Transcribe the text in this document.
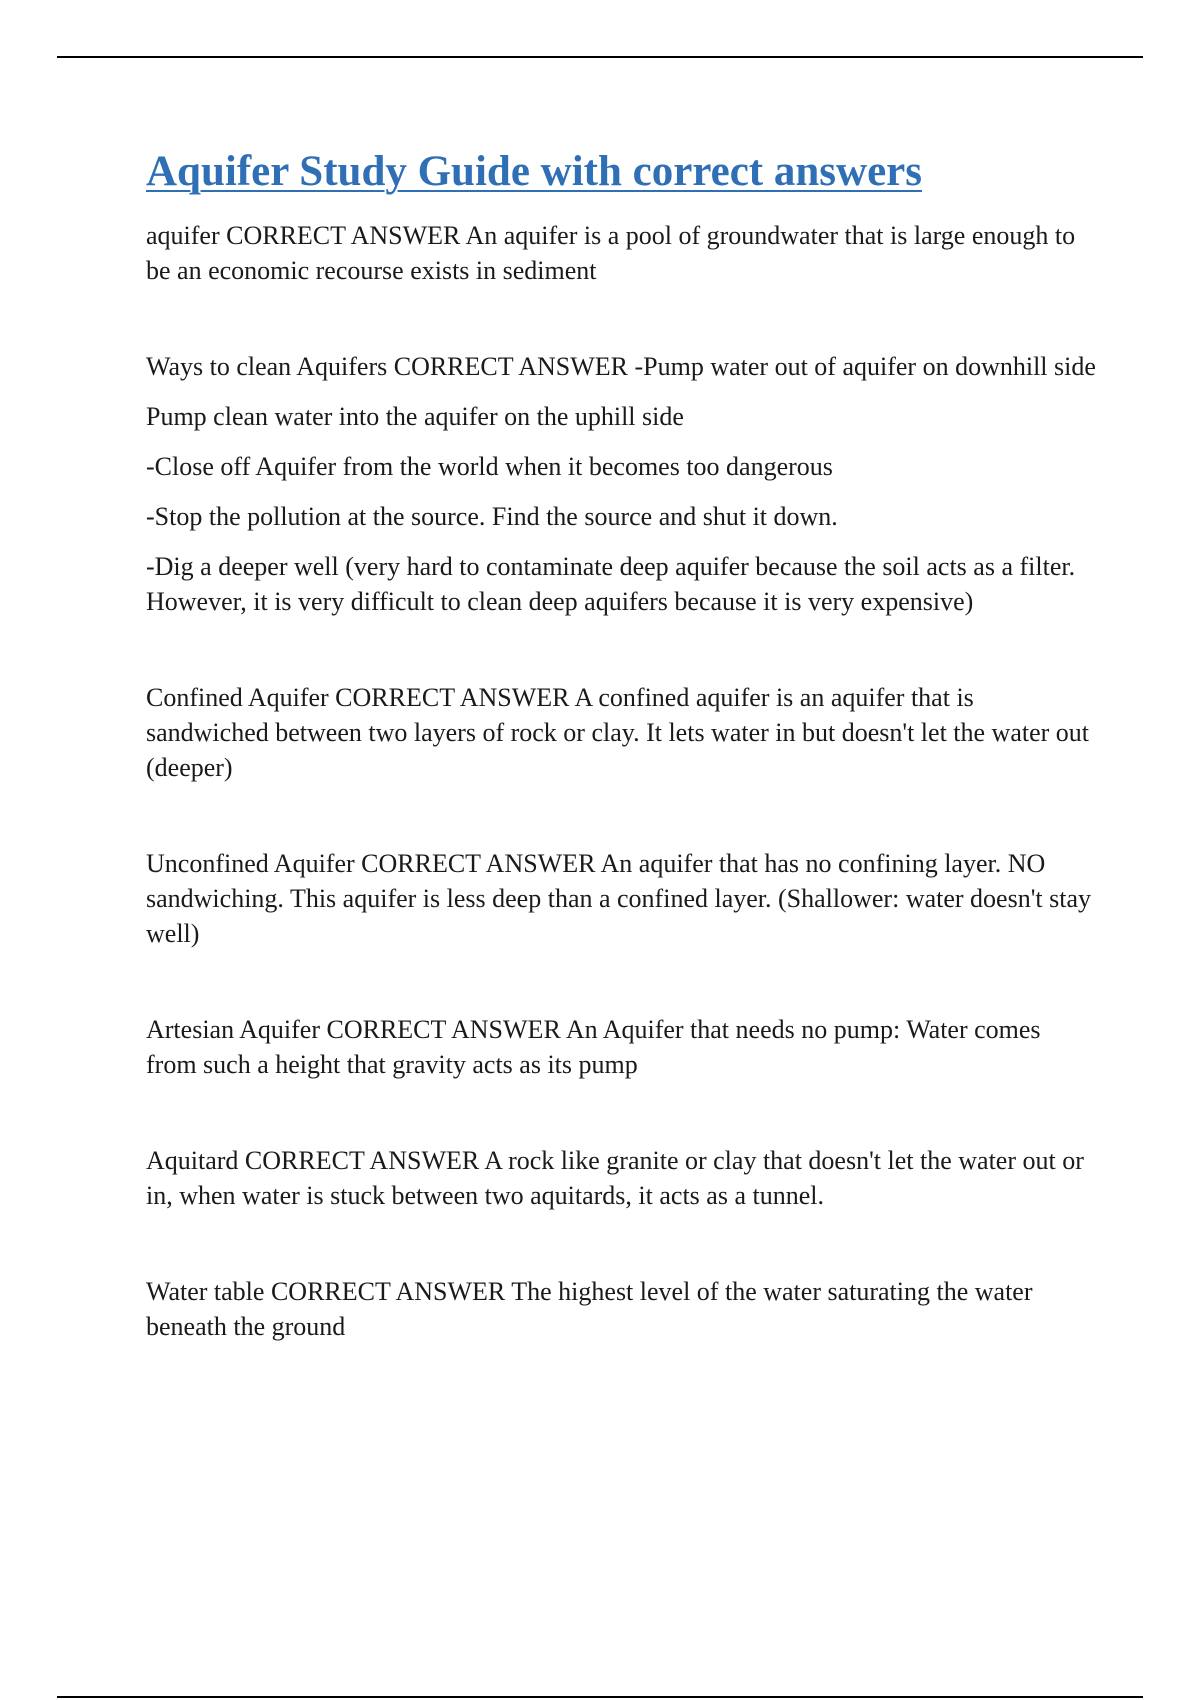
Aquifer Study Guide with correct answers

aquifer CORRECT ANSWER An aquifer is a pool of groundwater that is large enough to be an economic recourse exists in sediment

Ways to clean Aquifers CORRECT ANSWER -Pump water out of aquifer on downhill side

Pump clean water into the aquifer on the uphill side

-Close off Aquifer from the world when it becomes too dangerous

-Stop the pollution at the source. Find the source and shut it down.

-Dig a deeper well (very hard to contaminate deep aquifer because the soil acts as a filter. However, it is very difficult to clean deep aquifers because it is very expensive)

Confined Aquifer CORRECT ANSWER A confined aquifer is an aquifer that is sandwiched between two layers of rock or clay. It lets water in but doesn't let the water out (deeper)

Unconfined Aquifer CORRECT ANSWER An aquifer that has no confining layer. NO sandwiching. This aquifer is less deep than a confined layer. (Shallower: water doesn't stay well)

Artesian Aquifer CORRECT ANSWER An Aquifer that needs no pump: Water comes from such a height that gravity acts as its pump

Aquitard CORRECT ANSWER A rock like granite or clay that doesn't let the water out or in, when water is stuck between two aquitards, it acts as a tunnel.

Water table CORRECT ANSWER The highest level of the water saturating the water beneath the ground
